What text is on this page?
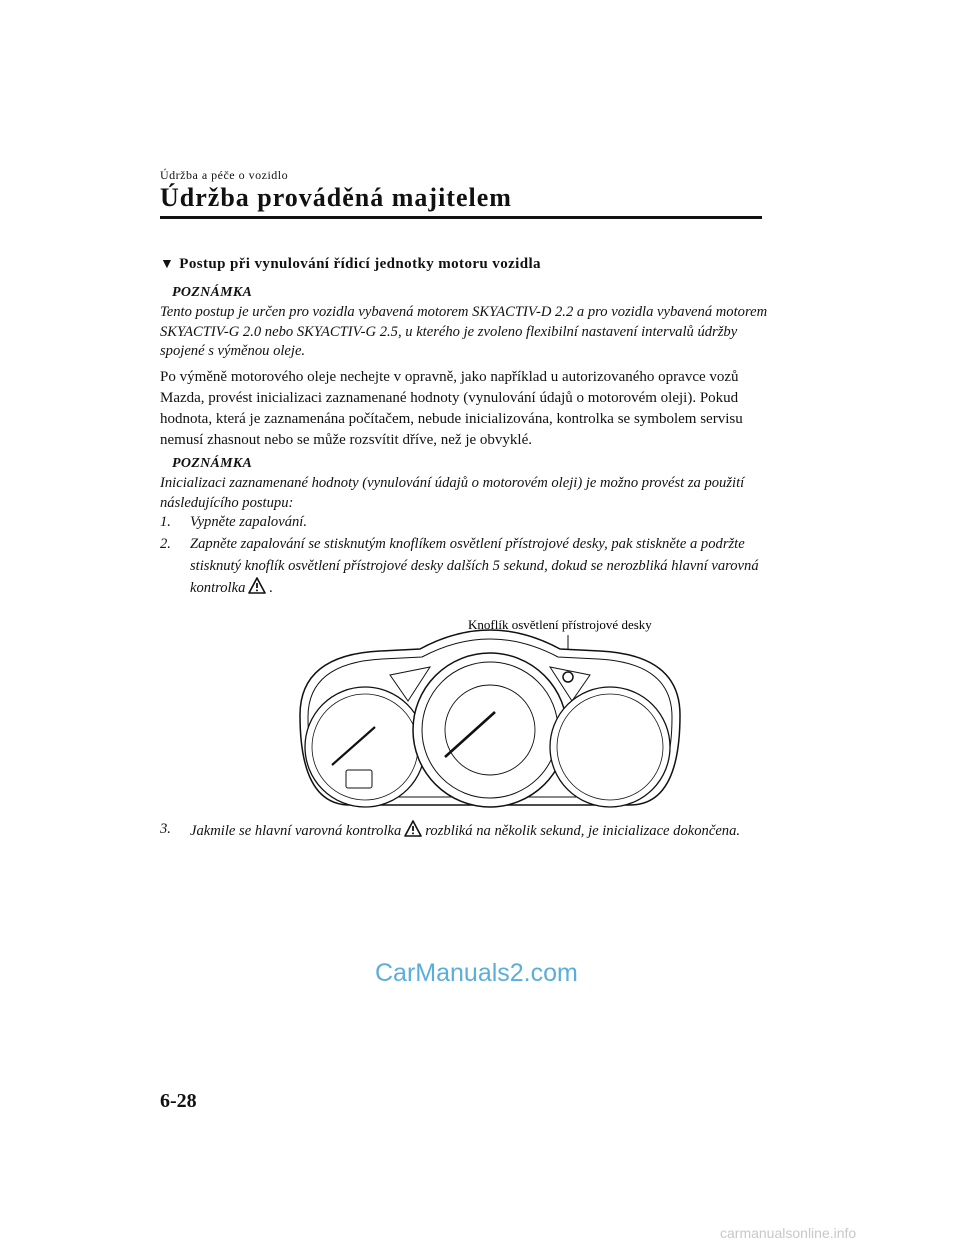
Údržba a péče o vozidlo
Údržba prováděná majitelem
▼ Postup při vynulování řídicí jednotky motoru vozidla
POZNÁMKA
Tento postup je určen pro vozidla vybavená motorem SKYACTIV-D 2.2 a pro vozidla vybavená motorem SKYACTIV-G 2.0 nebo SKYACTIV-G 2.5, u kterého je zvoleno flexibilní nastavení intervalů údržby spojené s výměnou oleje.
Po výměně motorového oleje nechejte v opravně, jako například u autorizovaného opravce vozů Mazda, provést inicializaci zaznamenané hodnoty (vynulování údajů o motorovém oleji). Pokud hodnota, která je zaznamenána počítačem, nebude inicializována, kontrolka se symbolem servisu nemusí zhasnout nebo se může rozsvítit dříve, než je obvyklé.
POZNÁMKA
Inicializaci zaznamenané hodnoty (vynulování údajů o motorovém oleji) je možno provést za použití následujícího postupu:
1. Vypněte zapalování.
2. Zapněte zapalování se stisknutým knoflíkem osvětlení přístrojové desky, pak stiskněte a podržte stisknutý knoflík osvětlení přístrojové desky dalších 5 sekund, dokud se nerozbliká hlavní varovná kontrolka .
Knoflík osvětlení přístrojové desky
3. Jakmile se hlavní varovná kontrolka rozbliká na několik sekund, je inicializace dokončena.
CarManuals2.com
6-28
carmanualsonline.info
